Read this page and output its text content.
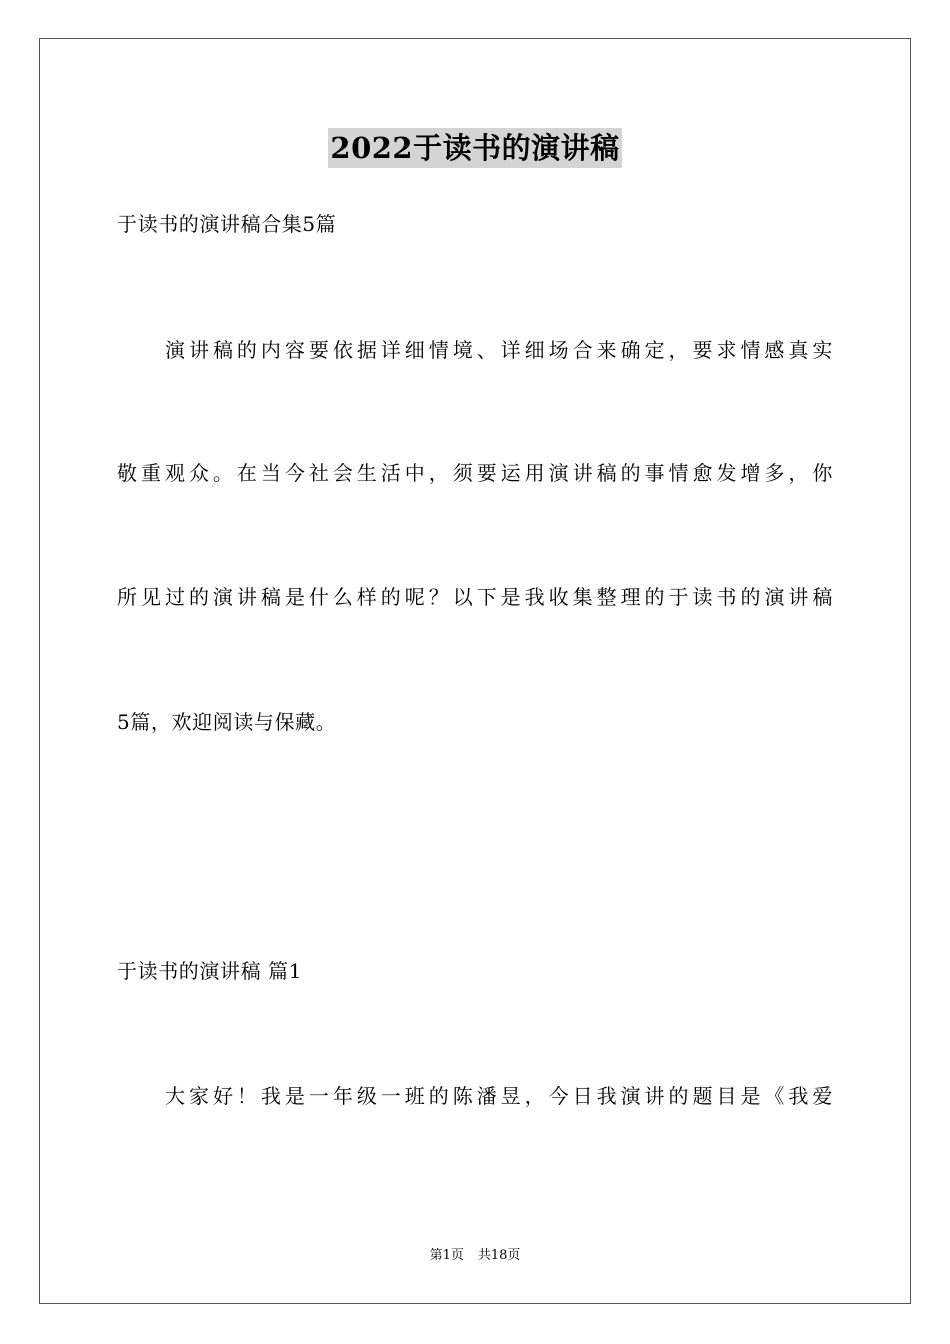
2022于读书的演讲稿
于读书的演讲稿合集5篇
演讲稿的内容要依据详细情境、详细场合来确定，要求情感真实
敬重观众。在当今社会生活中，须要运用演讲稿的事情愈发增多，你
所见过的演讲稿是什么样的呢？以下是我收集整理的于读书的演讲稿
5篇，欢迎阅读与保藏。
于读书的演讲稿 篇1
大家好！我是一年级一班的陈潘昱，今日我演讲的题目是《我爱
第1页 共18页
